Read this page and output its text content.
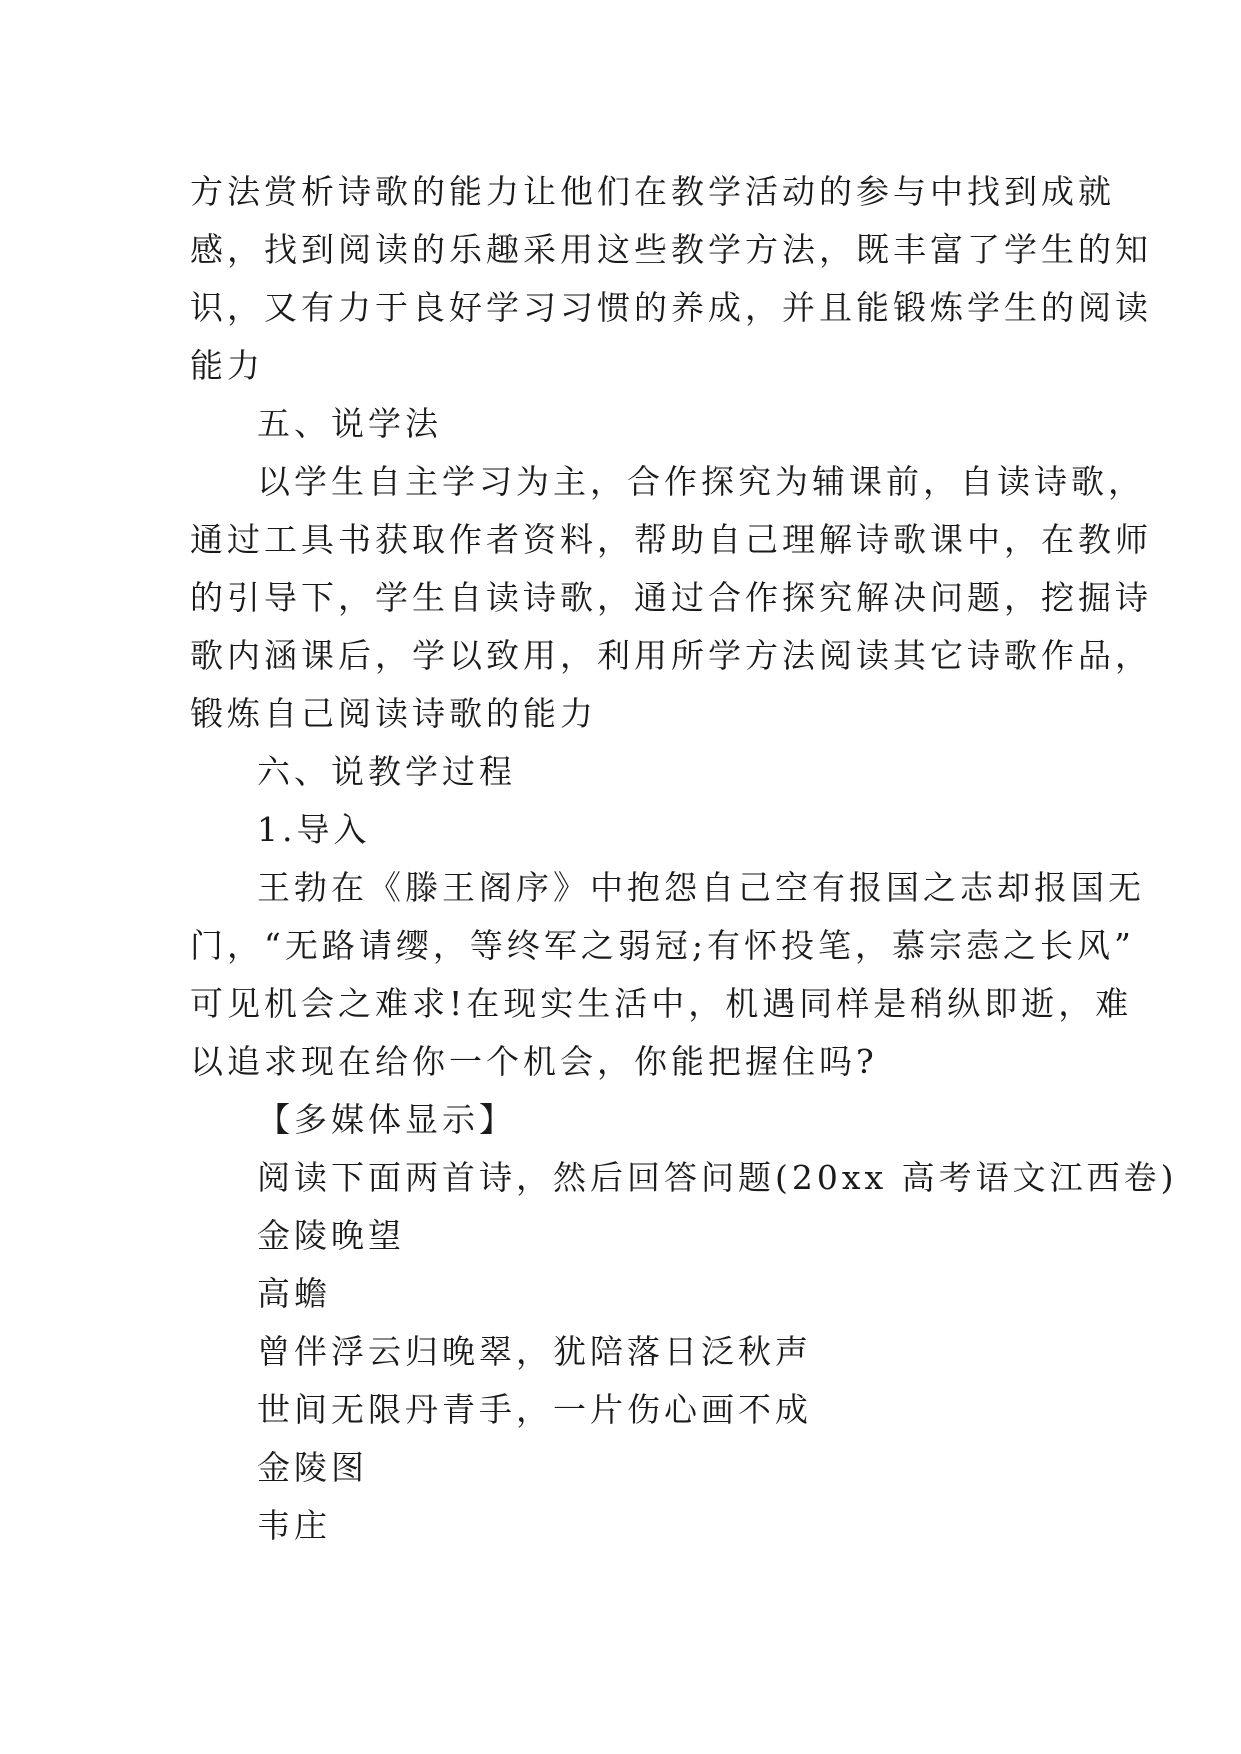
方法赏析诗歌的能力让他们在教学活动的参与中找到成就
感，找到阅读的乐趣采用这些教学方法，既丰富了学生的知
识，又有力于良好学习习惯的养成，并且能锻炼学生的阅读
能力
五、说学法
以学生自主学习为主，合作探究为辅课前，自读诗歌，
通过工具书获取作者资料，帮助自己理解诗歌课中，在教师
的引导下，学生自读诗歌，通过合作探究解决问题，挖掘诗
歌内涵课后，学以致用，利用所学方法阅读其它诗歌作品，
锻炼自己阅读诗歌的能力
六、说教学过程
1.导入
王勃在《滕王阁序》中抱怨自己空有报国之志却报国无
门，“无路请缨，等终军之弱冠;有怀投笔，慕宗悫之长风”
可见机会之难求!在现实生活中，机遇同样是稍纵即逝，难
以追求现在给你一个机会，你能把握住吗?
【多媒体显示】
阅读下面两首诗，然后回答问题(20xx 高考语文江西卷)
金陵晚望
高蟾
曾伴浮云归晚翠，犹陪落日泛秋声
世间无限丹青手，一片伤心画不成
金陵图
韦庄
